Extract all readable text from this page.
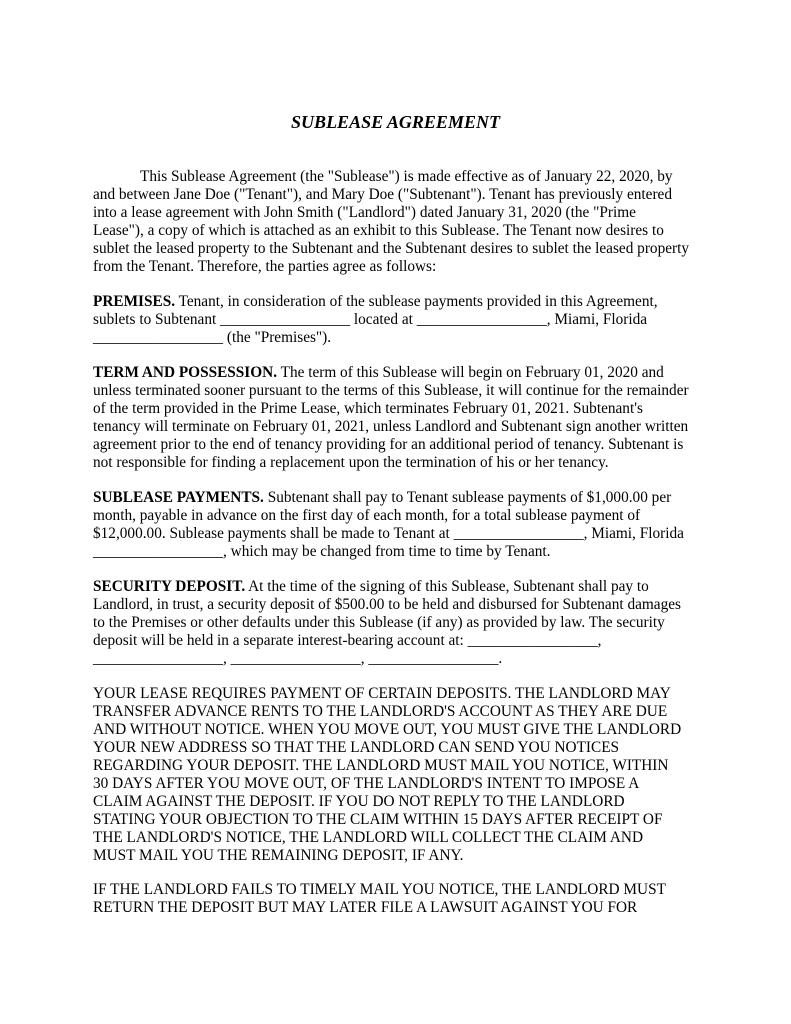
SUBLEASE AGREEMENT

This Sublease Agreement (the "Sublease") is made effective as of January 22, 2020, by
and between Jane Doe ("Tenant"), and Mary Doe ("Subtenant"). Tenant has previously entered
into a lease agreement with John Smith ("Landlord") dated January 31, 2020 (the "Prime
Lease"), a copy of which is attached as an exhibit to this Sublease. The Tenant now desires to
sublet the leased property to the Subtenant and the Subtenant desires to sublet the leased property
from the Tenant. Therefore, the parties agree as follows:

PREMISES. Tenant, in consideration of the sublease payments provided in this Agreement,
sublets to Subtenant _________________ located at _________________, Miami, Florida
_________________ (the "Premises").

TERM AND POSSESSION. The term of this Sublease will begin on February 01, 2020 and
unless terminated sooner pursuant to the terms of this Sublease, it will continue for the remainder
of the term provided in the Prime Lease, which terminates February 01, 2021. Subtenant's
tenancy will terminate on February 01, 2021, unless Landlord and Subtenant sign another written
agreement prior to the end of tenancy providing for an additional period of tenancy. Subtenant is
not responsible for finding a replacement upon the termination of his or her tenancy.

SUBLEASE PAYMENTS. Subtenant shall pay to Tenant sublease payments of $1,000.00 per
month, payable in advance on the first day of each month, for a total sublease payment of
$12,000.00. Sublease payments shall be made to Tenant at _________________, Miami, Florida
_________________, which may be changed from time to time by Tenant.

SECURITY DEPOSIT. At the time of the signing of this Sublease, Subtenant shall pay to
Landlord, in trust, a security deposit of $500.00 to be held and disbursed for Subtenant damages
to the Premises or other defaults under this Sublease (if any) as provided by law. The security
deposit will be held in a separate interest-bearing account at: _________________,
_________________, _________________, _________________.

YOUR LEASE REQUIRES PAYMENT OF CERTAIN DEPOSITS. THE LANDLORD MAY
TRANSFER ADVANCE RENTS TO THE LANDLORD'S ACCOUNT AS THEY ARE DUE
AND WITHOUT NOTICE. WHEN YOU MOVE OUT, YOU MUST GIVE THE LANDLORD
YOUR NEW ADDRESS SO THAT THE LANDLORD CAN SEND YOU NOTICES
REGARDING YOUR DEPOSIT. THE LANDLORD MUST MAIL YOU NOTICE, WITHIN
30 DAYS AFTER YOU MOVE OUT, OF THE LANDLORD'S INTENT TO IMPOSE A
CLAIM AGAINST THE DEPOSIT. IF YOU DO NOT REPLY TO THE LANDLORD
STATING YOUR OBJECTION TO THE CLAIM WITHIN 15 DAYS AFTER RECEIPT OF
THE LANDLORD'S NOTICE, THE LANDLORD WILL COLLECT THE CLAIM AND
MUST MAIL YOU THE REMAINING DEPOSIT, IF ANY.

IF THE LANDLORD FAILS TO TIMELY MAIL YOU NOTICE, THE LANDLORD MUST
RETURN THE DEPOSIT BUT MAY LATER FILE A LAWSUIT AGAINST YOU FOR
